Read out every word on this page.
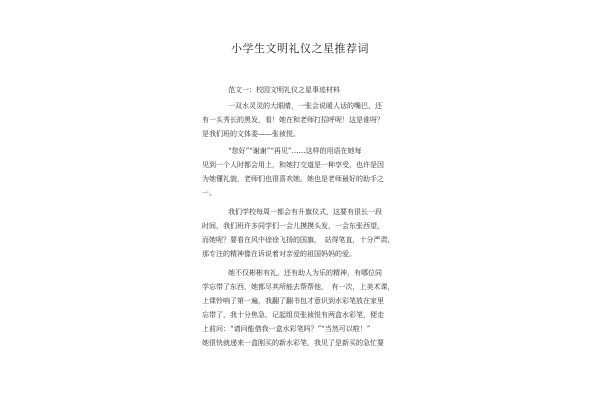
小学生文明礼仪之星推荐词
范文一：校园文明礼仪之星事迹材料
一双水灵灵的大眼睛，一张会说暖人话的嘴巴，还
有一头秀长的黑发，看！她在和老师打招呼呢！这是谁呀？
是我们班的文体委——张祯悦。
“您好”“谢谢”“再见”……这样的用语在她每
见到一个人时都会用上，和她打交道是一种享受，也许是因
为她懂礼貌，老师们也很喜欢她。她也是老师最好的助手之
一。
我们学校每周一都会有升旗仪式，这要有很长一段
时间，我们班许多同学们一会儿摸摸头发，一会东张西望，
而她呢？要看在风中徐徐飞扬的国旗，　站得笔直，十分严肃，
那专注的精神像在诉说着对亲爱的祖国妈妈的爱。
她不仅彬彬有礼，还有助人为乐的精神，有哪位同
学忘带了东西，她都尽其所能去帮帮他，　有一次，上美术课，
上课铃响了第一遍，我翻了翻书包才意识到水彩笔放在家里
忘带了，我十分焦急，记起组员张祯悦有两盒水彩笔，便走
上前问：“请问能借我一盒水彩笔吗？”“当然可以啦！”
她很快就递来一盒刚买的新水彩笔，我见了是新买的急忙要
